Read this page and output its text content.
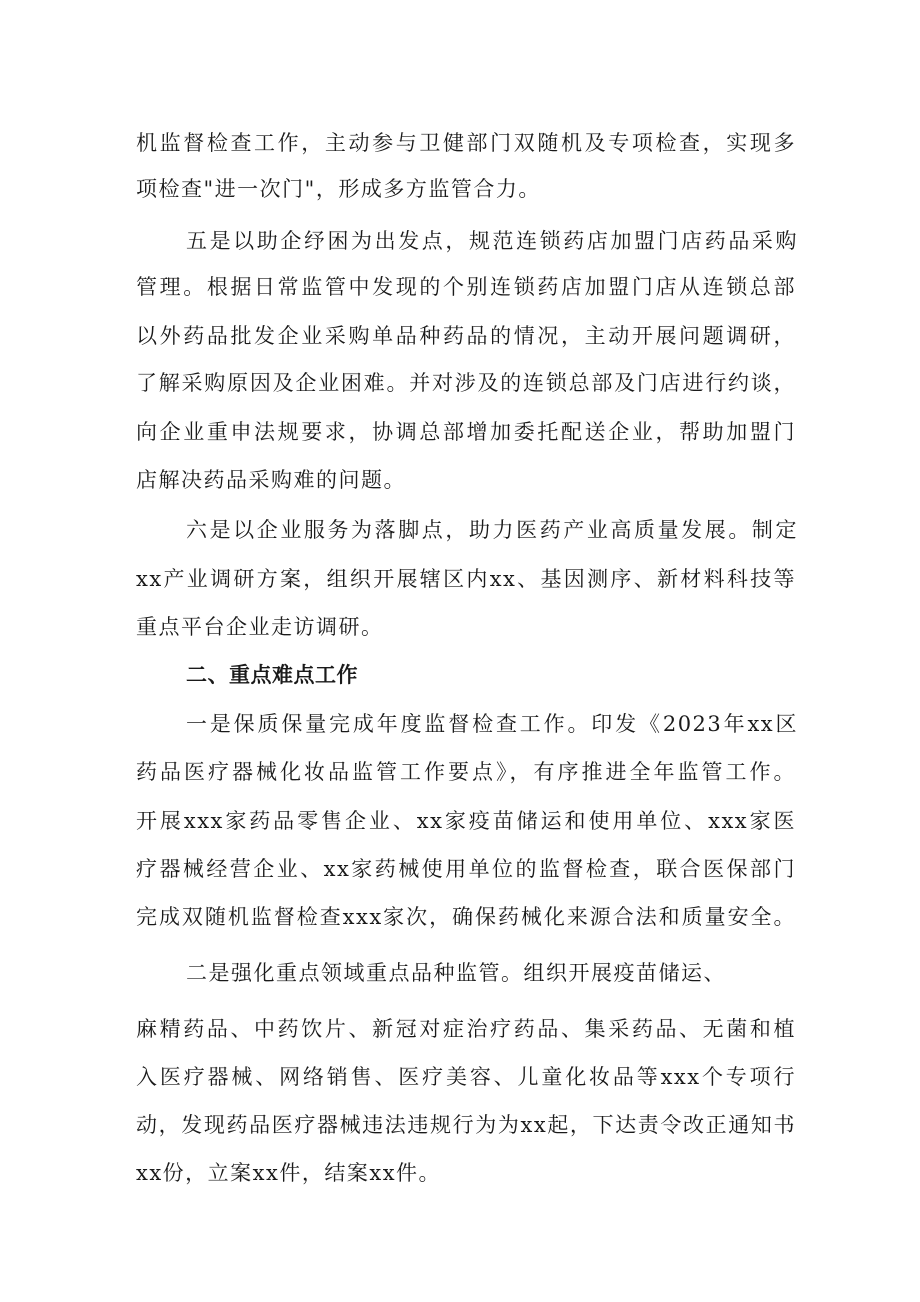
机监督检查工作，主动参与卫健部门双随机及专项检查，实现多
项检查"进一次门"，形成多方监管合力。
五是以助企纾困为出发点，规范连锁药店加盟门店药品采购
管理。根据日常监管中发现的个别连锁药店加盟门店从连锁总部
以外药品批发企业采购单品种药品的情况，主动开展问题调研，
了解采购原因及企业困难。并对涉及的连锁总部及门店进行约谈，
向企业重申法规要求，协调总部增加委托配送企业，帮助加盟门
店解决药品采购难的问题。
六是以企业服务为落脚点，助力医药产业高质量发展。制定
xx产业调研方案，组织开展辖区内xx、基因测序、新材料科技等
重点平台企业走访调研。
二、重点难点工作
一是保质保量完成年度监督检查工作。印发《2023年xx区
药品医疗器械化妆品监管工作要点》，有序推进全年监管工作。
开展xxx家药品零售企业、xx家疫苗储运和使用单位、xxx家医
疗器械经营企业、xx家药械使用单位的监督检查，联合医保部门
完成双随机监督检查xxx家次，确保药械化来源合法和质量安全。
二是强化重点领域重点品种监管。组织开展疫苗储运、
麻精药品、中药饮片、新冠对症治疗药品、集采药品、无菌和植
入医疗器械、网络销售、医疗美容、儿童化妆品等xxx个专项行
动，发现药品医疗器械违法违规行为为xx起，下达责令改正通知书
xx份，立案xx件，结案xx件。
